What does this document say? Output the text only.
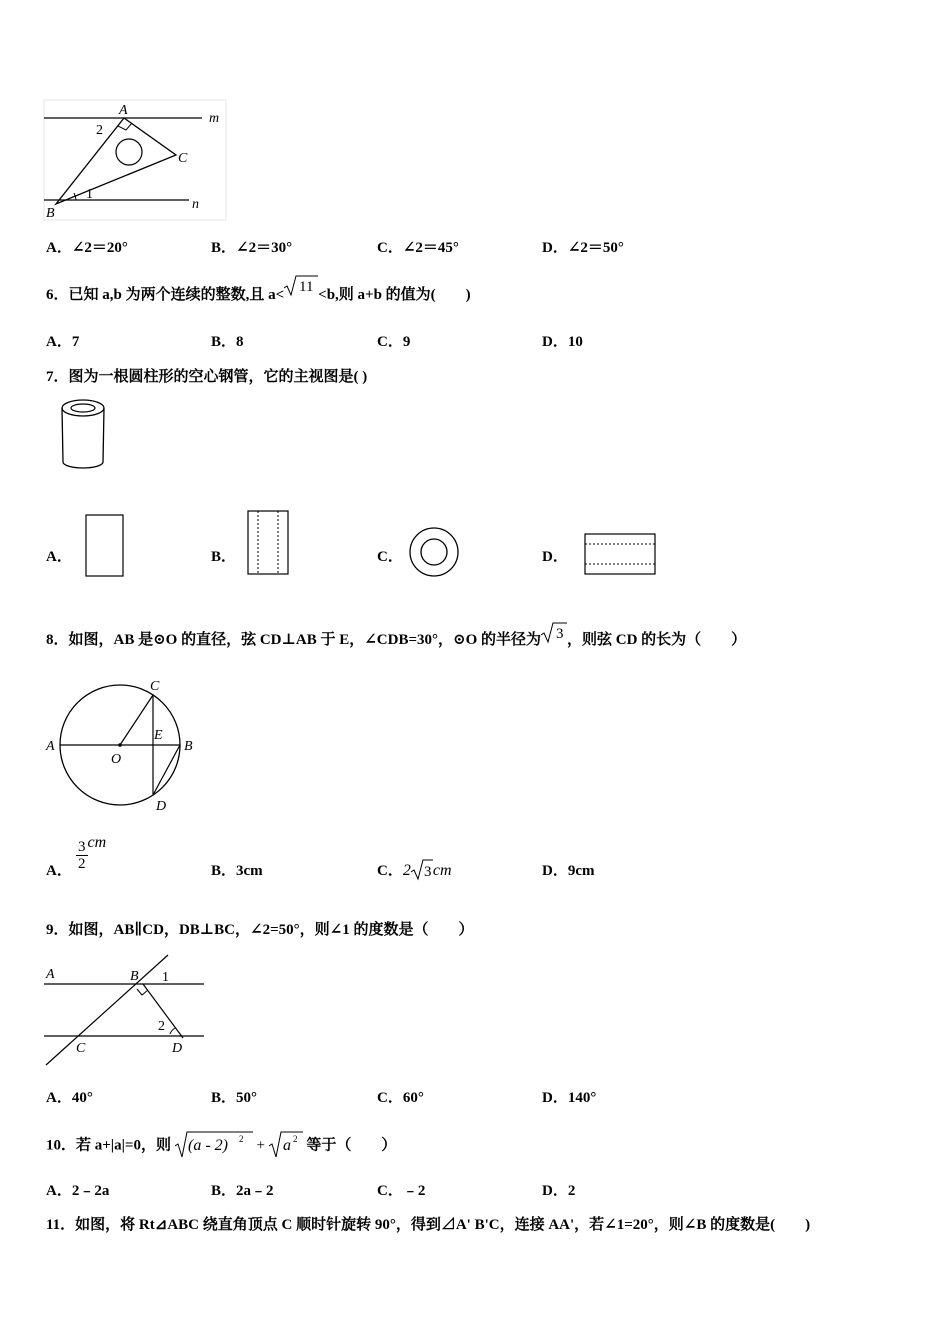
A
C
B
m
n
2
1
A．∠2＝20°	B．∠2＝30°	C．∠2＝45°	D．∠2＝50°
6．已知 a,b 为两个连续的整数,且 a<
11
<b,则 a+b 的值为(　　)
A．7	B．8	C．9	D．10
7．图为一根圆柱形的空心钢管，它的主视图是( )
A．	B．	C．	D．
8．如图，AB 是⊙O 的直径，弦 CD⊥AB 于 E，∠CDB=30°，⊙O 的半径为 3 ，则弦 CD 的长为（　　）
A	B
C
D
E
O
A． $\frac{3}{2}$ cm
B．3cm	C．2 3 cm	D．9cm
9．如图，AB∥CD，DB⊥BC，∠2=50°，则∠1 的度数是（　　）
A	B
C	D
1
2
A．40°	B．50°	C．60°	D．140°
10．若 a+|a|=0，则 (a - 2) 2 + a 2 等于（　　）
A．2﹣2a	B．2a﹣2	C．﹣2	D．2
11．如图，将 Rt⊿ABC 绕直角顶点 C 顺时针旋转 90°，得到⊿A' B'C，连接 AA'，若∠1=20°，则∠B 的度数是(　　)
